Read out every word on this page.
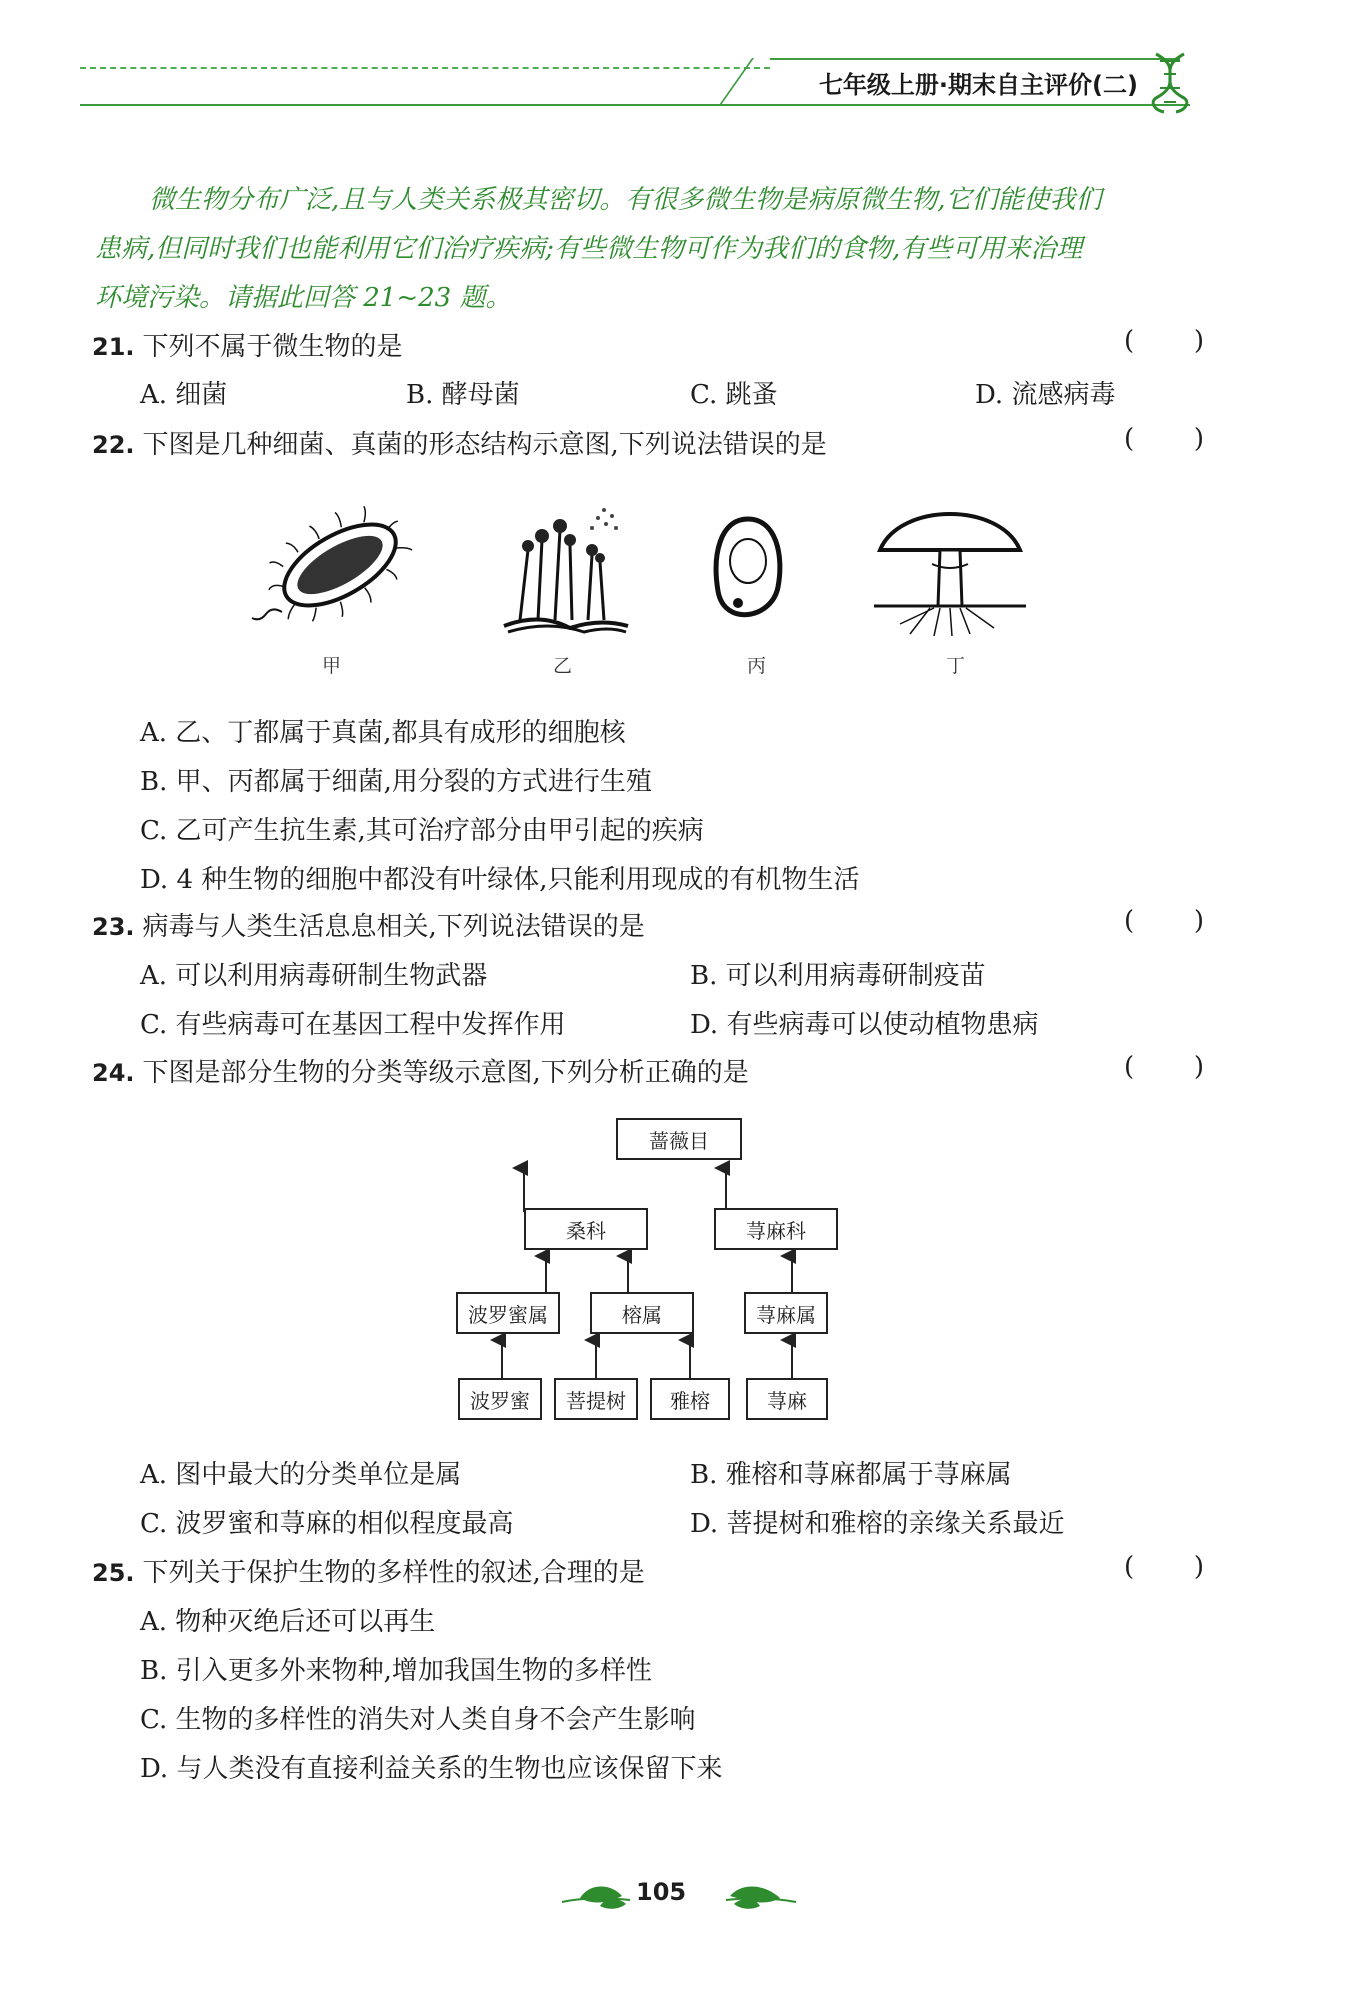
七年级上册·期末自主评价(二)
微生物分布广泛,且与人类关系极其密切。有很多微生物是病原微生物,它们能使我们
患病,但同时我们也能利用它们治疗疾病;有些微生物可作为我们的食物,有些可用来治理
环境污染。请据此回答 21~23 题。
21. 下列不属于微生物的是	( )
A. 细菌	B. 酵母菌	C. 跳蚤	D. 流感病毒
22. 下图是几种细菌、真菌的形态结构示意图,下列说法错误的是	( )
甲	乙	丙	丁
A. 乙、丁都属于真菌,都具有成形的细胞核
B. 甲、丙都属于细菌,用分裂的方式进行生殖
C. 乙可产生抗生素,其可治疗部分由甲引起的疾病
D. 4 种生物的细胞中都没有叶绿体,只能利用现成的有机物生活
23. 病毒与人类生活息息相关,下列说法错误的是	( )
A. 可以利用病毒研制生物武器	B. 可以利用病毒研制疫苗
C. 有些病毒可在基因工程中发挥作用	D. 有些病毒可以使动植物患病
24. 下图是部分生物的分类等级示意图,下列分析正确的是	( )
蔷薇目
桑科	荨麻科
波罗蜜属	榕属	荨麻属
波罗蜜	菩提树	雅榕	荨麻
A. 图中最大的分类单位是属	B. 雅榕和荨麻都属于荨麻属
C. 波罗蜜和荨麻的相似程度最高	D. 菩提树和雅榕的亲缘关系最近
25. 下列关于保护生物的多样性的叙述,合理的是	( )
A. 物种灭绝后还可以再生
B. 引入更多外来物种,增加我国生物的多样性
C. 生物的多样性的消失对人类自身不会产生影响
D. 与人类没有直接利益关系的生物也应该保留下来
105
